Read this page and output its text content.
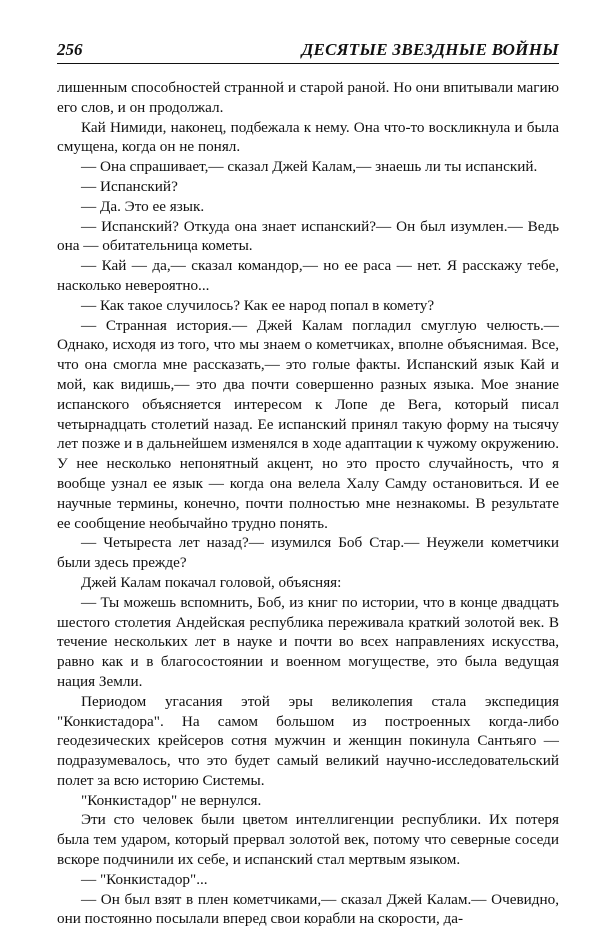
256	ДЕСЯТЫЕ ЗВЕЗДНЫЕ ВОЙНЫ

лишенным способностей странной и старой раной. Но они впитывали магию его слов, и он продолжал.

Кай Нимиди, наконец, подбежала к нему. Она что-то воскликнула и была смущена, когда он не понял.

— Она спрашивает,— сказал Джей Калам,— знаешь ли ты испанский.

— Испанский?

— Да. Это ее язык.

— Испанский? Откуда она знает испанский?— Он был изумлен.— Ведь она — обитательница кометы.

— Кай — да,— сказал командор,— но ее раса — нет. Я расскажу тебе, насколько невероятно...

— Как такое случилось? Как ее народ попал в комету?

— Странная история.— Джей Калам погладил смуглую челюсть.— Однако, исходя из того, что мы знаем о кометчиках, вполне объяснимая. Все, что она смогла мне рассказать,— это голые факты. Испанский язык Кай и мой, как видишь,— это два почти совершенно разных языка. Мое знание испанского объясняется интересом к Лопе де Вега, который писал четырнадцать столетий назад. Ее испанский принял такую форму на тысячу лет позже и в дальнейшем изменялся в ходе адаптации к чужому окружению. У нее несколько непонятный акцент, но это просто случайность, что я вообще узнал ее язык — когда она велела Халу Самду остановиться. И ее научные термины, конечно, почти полностью мне незнакомы. В результате ее сообщение необычайно трудно понять.

— Четыреста лет назад?— изумился Боб Стар.— Неужели кометчики были здесь прежде?

Джей Калам покачал головой, объясняя:

— Ты можешь вспомнить, Боб, из книг по истории, что в конце двадцать шестого столетия Андейская республика переживала краткий золотой век. В течение нескольких лет в науке и почти во всех направлениях искусства, равно как и в благосостоянии и военном могуществе, это была ведущая нация Земли.

Периодом угасания этой эры великолепия стала экспедиция "Конкистадора". На самом большом из построенных когда-либо геодезических крейсеров сотня мужчин и женщин покинула Сантьяго — подразумевалось, что это будет самый великий научно-исследовательский полет за всю историю Системы.

"Конкистадор" не вернулся.

Эти сто человек были цветом интеллигенции республики. Их потеря была тем ударом, который прервал золотой век, потому что северные соседи вскоре подчинили их себе, и испанский стал мертвым языком.

— "Конкистадор"...

— Он был взят в плен кометчиками,— сказал Джей Калам.— Очевидно, они постоянно посылали вперед свои корабли на скорости, да-
